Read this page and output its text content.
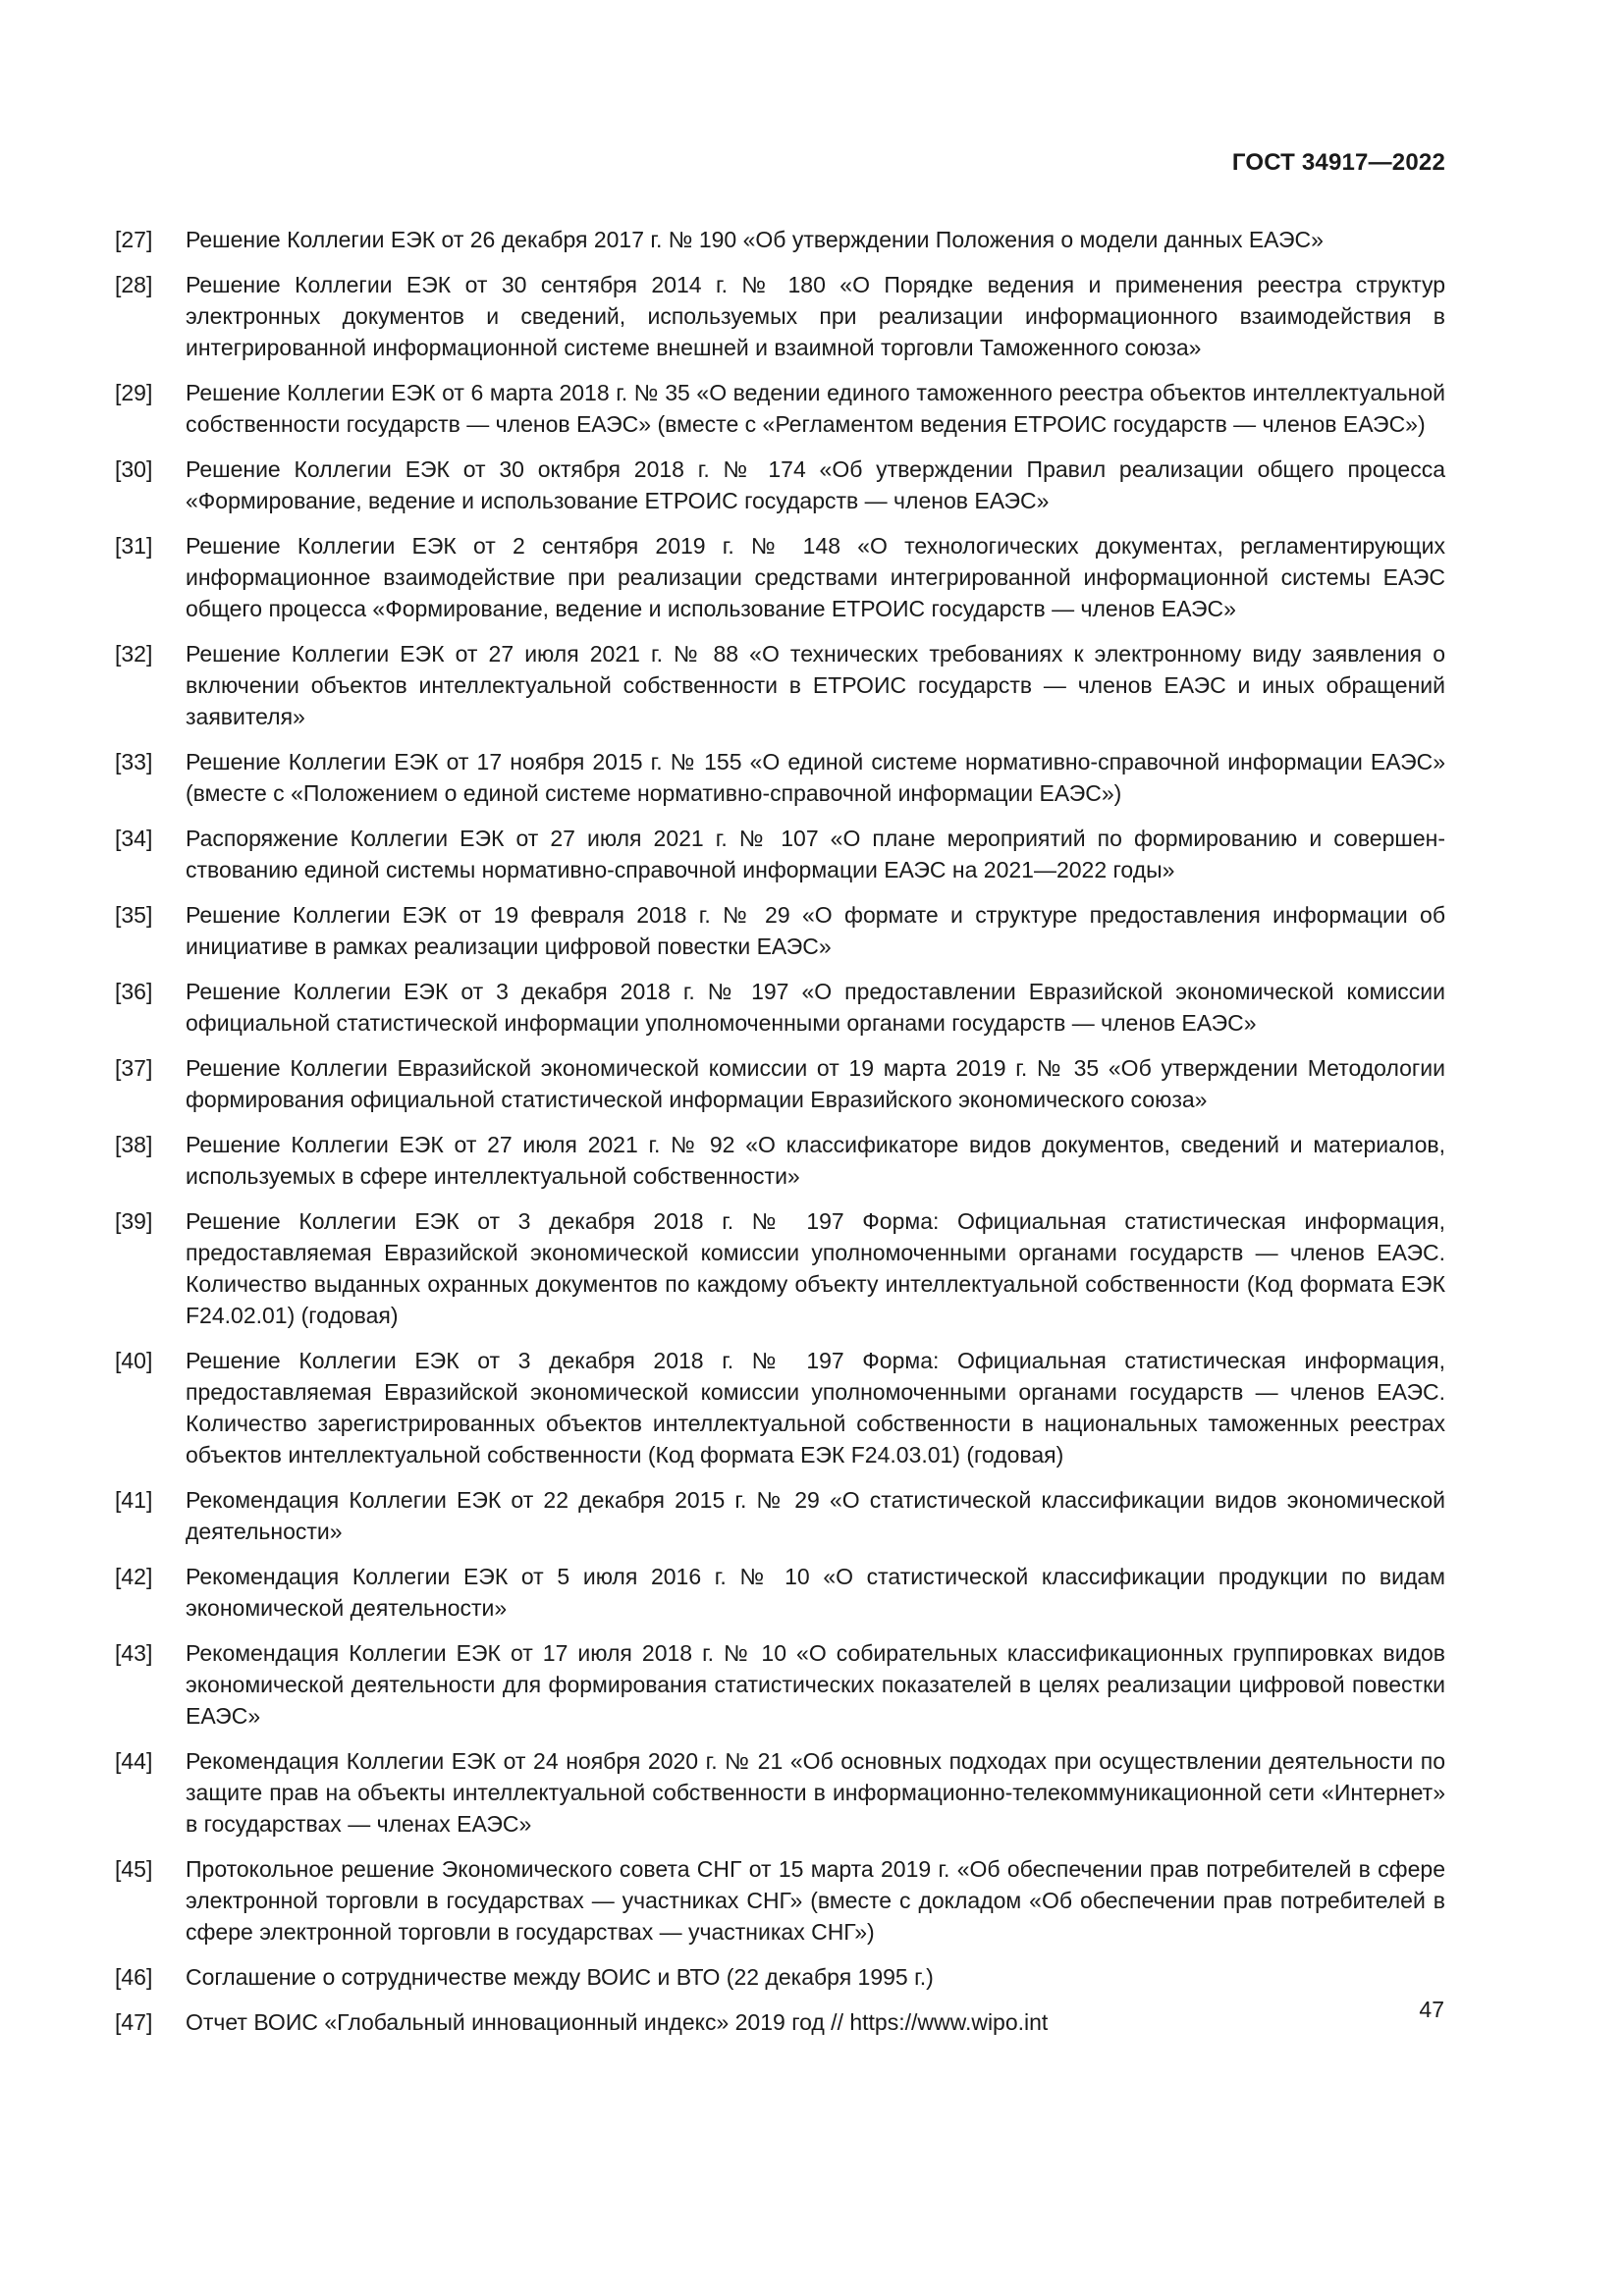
ГОСТ 34917—2022
[27]	Решение Коллегии ЕЭК от 26 декабря 2017 г. № 190 «Об утверждении Положения о модели данных ЕАЭС»
[28]	Решение Коллегии ЕЭК от 30 сентября 2014 г. № 180 «О Порядке ведения и применения реестра структур электронных документов и сведений, используемых при реализации информационного взаимодействия в интегрированной информационной системе внешней и взаимной торговли Таможенного союза»
[29]	Решение Коллегии ЕЭК от 6 марта 2018 г. № 35 «О ведении единого таможенного реестра объектов интеллектуальной собственности государств — членов ЕАЭС» (вместе с «Регламентом ведения ЕТРОИС государств — членов ЕАЭС»)
[30]	Решение Коллегии ЕЭК от 30 октября 2018 г. № 174 «Об утверждении Правил реализации общего процесса «Формирование, ведение и использование ЕТРОИС государств — членов ЕАЭС»
[31]	Решение Коллегии ЕЭК от 2 сентября 2019 г. № 148 «О технологических документах, регламентирующих информационное взаимодействие при реализации средствами интегрированной информационной системы ЕАЭС общего процесса «Формирование, ведение и использование ЕТРОИС государств — членов ЕАЭС»
[32]	Решение Коллегии ЕЭК от 27 июля 2021 г. № 88 «О технических требованиях к электронному виду заявления о включении объектов интеллектуальной собственности в ЕТРОИС государств — членов ЕАЭС и иных обращений заявителя»
[33]	Решение Коллегии ЕЭК от 17 ноября 2015 г. № 155 «О единой системе нормативно-справочной информации ЕАЭС» (вместе с «Положением о единой системе нормативно-справочной информации ЕАЭС»)
[34]	Распоряжение Коллегии ЕЭК от 27 июля 2021 г. № 107 «О плане мероприятий по формированию и совершенствованию единой системы нормативно-справочной информации ЕАЭС на 2021—2022 годы»
[35]	Решение Коллегии ЕЭК от 19 февраля 2018 г. № 29 «О формате и структуре предоставления информации об инициативе в рамках реализации цифровой повестки ЕАЭС»
[36]	Решение Коллегии ЕЭК от 3 декабря 2018 г. № 197 «О предоставлении Евразийской экономической комиссии официальной статистической информации уполномоченными органами государств — членов ЕАЭС»
[37]	Решение Коллегии Евразийской экономической комиссии от 19 марта 2019 г. № 35 «Об утверждении Методологии формирования официальной статистической информации Евразийского экономического союза»
[38]	Решение Коллегии ЕЭК от 27 июля 2021 г. № 92 «О классификаторе видов документов, сведений и материалов, используемых в сфере интеллектуальной собственности»
[39]	Решение Коллегии ЕЭК от 3 декабря 2018 г. № 197 Форма: Официальная статистическая информация, предоставляемая Евразийской экономической комиссии уполномоченными органами государств — членов ЕАЭС. Количество выданных охранных документов по каждому объекту интеллектуальной собственности (Код формата ЕЭК F24.02.01) (годовая)
[40]	Решение Коллегии ЕЭК от 3 декабря 2018 г. № 197 Форма: Официальная статистическая информация, предоставляемая Евразийской экономической комиссии уполномоченными органами государств — членов ЕАЭС. Количество зарегистрированных объектов интеллектуальной собственности в национальных таможенных реестрах объектов интеллектуальной собственности (Код формата ЕЭК F24.03.01) (годовая)
[41]	Рекомендация Коллегии ЕЭК от 22 декабря 2015 г. № 29 «О статистической классификации видов экономической деятельности»
[42]	Рекомендация Коллегии ЕЭК от 5 июля 2016 г. № 10 «О статистической классификации продукции по видам экономической деятельности»
[43]	Рекомендация Коллегии ЕЭК от 17 июля 2018 г. № 10 «О собирательных классификационных группировках видов экономической деятельности для формирования статистических показателей в целях реализации цифровой повестки ЕАЭС»
[44]	Рекомендация Коллегии ЕЭК от 24 ноября 2020 г. № 21 «Об основных подходах при осуществлении деятельности по защите прав на объекты интеллектуальной собственности в информационно-телекоммуникационной сети «Интернет» в государствах — членах ЕАЭС»
[45]	Протокольное решение Экономического совета СНГ от 15 марта 2019 г. «Об обеспечении прав потребителей в сфере электронной торговли в государствах — участниках СНГ» (вместе с докладом «Об обеспечении прав потребителей в сфере электронной торговли в государствах — участниках СНГ»)
[46]	Соглашение о сотрудничестве между ВОИС и ВТО (22 декабря 1995 г.)
[47]	Отчет ВОИС «Глобальный инновационный индекс» 2019 год // https://www.wipo.int	47
